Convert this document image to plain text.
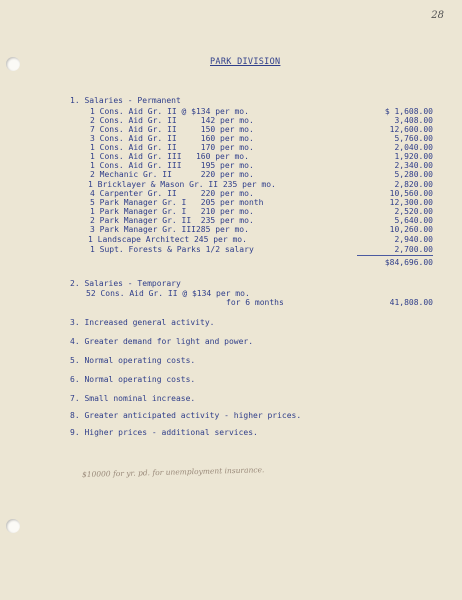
28
PARK DIVISION
1. Salaries - Permanent
1 Cons. Aid Gr. II @ $134 per mo.	$ 1,608.00
2 Cons. Aid Gr. II     142 per mo.	3,408.00
7 Cons. Aid Gr. II     150 per mo.	12,600.00
3 Cons. Aid Gr. II     160 per mo.	5,760.00
1 Cons. Aid Gr. II     170 per mo.	2,040.00
1 Cons. Aid Gr. III   160 per mo.	1,920.00
1 Cons. Aid Gr. III    195 per mo.	2,340.00
2 Mechanic Gr. II      220 per mo.	5,280.00
1 Bricklayer & Mason Gr. II 235 per mo.	2,820.00
4 Carpenter Gr. II     220 per mo.	10,560.00
5 Park Manager Gr. I   205 per month	12,300.00
1 Park Manager Gr. I   210 per mo.	2,520.00
2 Park Manager Gr. II  235 per mo.	5,640.00
3 Park Manager Gr. III285 per mo.	10,260.00
1 Landscape Architect 245 per mo.	2,940.00
1 Supt. Forests & Parks 1/2 salary	2,700.00
$84,696.00
2. Salaries - Temporary
52 Cons. Aid Gr. II @ $134 per mo.
for 6 months	41,808.00
3. Increased general activity.
4. Greater demand for light and power.
5. Normal operating costs.
6. Normal operating costs.
7. Small nominal increase.
8. Greater anticipated activity - higher prices.
9. Higher prices - additional services.
$10000 for yr. pd. for unemployment insurance.
